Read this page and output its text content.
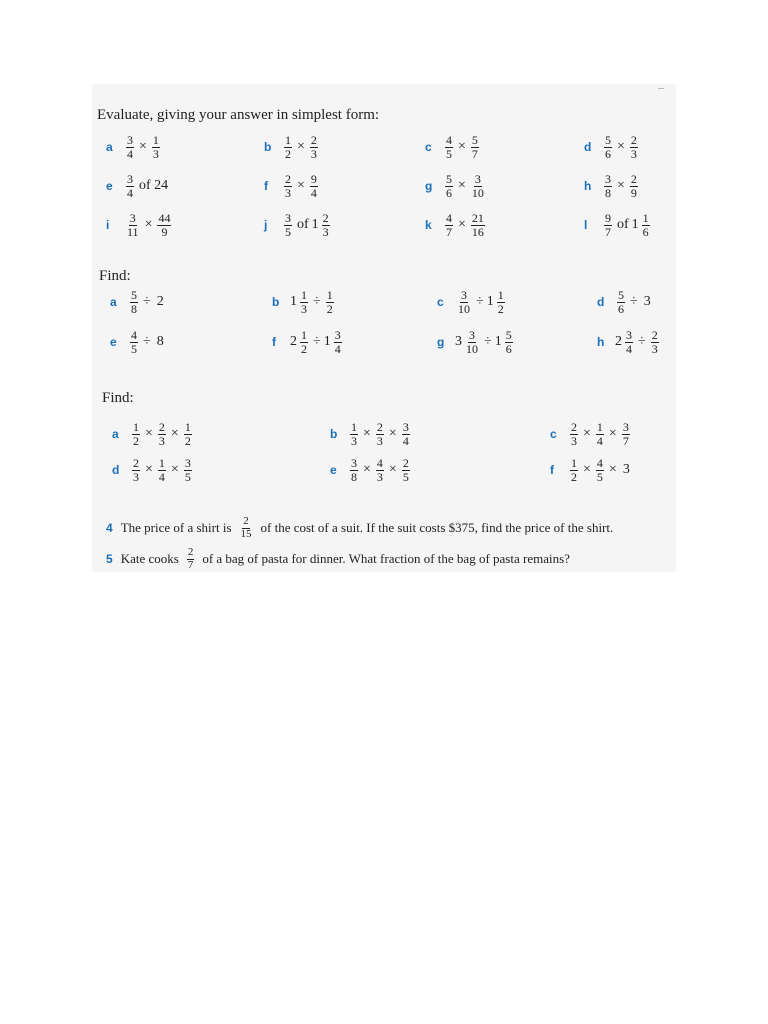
Evaluate, giving your answer in simplest form:
Find:
Find:
a	$\frac{3}{4} \times \frac{1}{3}$	b	$\frac{1}{2} \times \frac{2}{3}$	c	$\frac{4}{5} \times \frac{5}{7}$	d	$\frac{5}{6} \times \frac{2}{3}$
e	$\frac{3}{4}$ of 24	f	$\frac{2}{3} \times \frac{9}{4}$	g	$\frac{5}{6} \times \frac{3}{10}$	h	$\frac{3}{8} \times \frac{2}{9}$
i	$\frac{3}{11} \times \frac{44}{9}$	j	$\frac{3}{5}$ of $1 \frac{2}{3}$	k	$\frac{4}{7} \times \frac{21}{16}$	l	$\frac{9}{7}$ of $1 \frac{1}{6}$
a	$\frac{5}{8} \div 2$	b $1 \frac{1}{3} \div \frac{1}{2}$	c	$\frac{3}{10} \div 1 \frac{1}{2}$	d	$\frac{5}{6} \div 3$
e	$\frac{4}{5} \div 8$	f	$2 \frac{1}{2} \div 1 \frac{3}{4}$	g $3 \frac{3}{10} \div 1 \frac{5}{6}$	h $2 \frac{3}{4} \div \frac{2}{3}$
a	$\frac{1}{2} \times \frac{2}{3} \times \frac{1}{2}$	b	$\frac{1}{3} \times \frac{2}{3} \times \frac{3}{4}$	c	$\frac{2}{3} \times \frac{1}{4} \times \frac{3}{7}$
d	$\frac{2}{3} \times \frac{1}{4} \times \frac{3}{5}$	e	$\frac{3}{8} \times \frac{4}{3} \times \frac{2}{5}$	f	$\frac{1}{2} \times \frac{4}{5} \times 3$
4 The price of a shirt is $\frac{2}{15}$ of the cost of a suit. If the suit costs $375, find the price of the shirt.
5 Kate cooks $\frac{2}{7}$ of a bag of pasta for dinner. What fraction of the bag of pasta remains?
